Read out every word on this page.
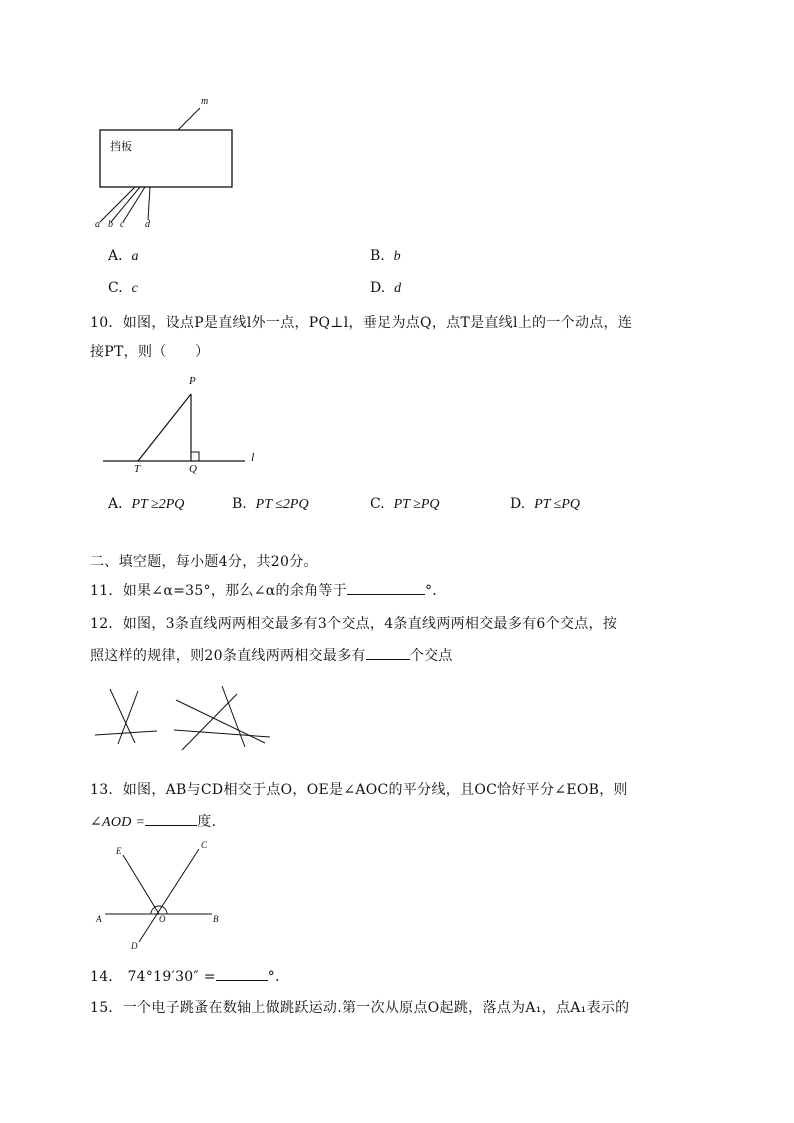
m
挡板
a b c d
A. a	B. b
C. c	D. d
10．如图，设点P是直线l外一点，PQ⊥l，垂足为点Q，点T是直线l上的一个动点，连
接PT，则（　　）
P
T	Q
l
A. PT ≥2PQ	B. PT ≤2PQ	C. PT ≥PQ	D. PT ≤PQ
二、填空题，每小题4分，共20分。
11．如果∠α=35°，那么∠α的余角等于	°．
12．如图，3条直线两两相交最多有3个交点，4条直线两两相交最多有6个交点，按
照这样的规律，则20条直线两两相交最多有	个交点
13．如图，AB与CD相交于点O，OE是∠AOC的平分线，且OC恰好平分∠EOB，则
∠AOD =	度．
E
C
A	O	B
D
14． 74°19′30″ =	°．
15．一个电子跳蚤在数轴上做跳跃运动.第一次从原点O起跳，落点为A₁，点A₁表示的
